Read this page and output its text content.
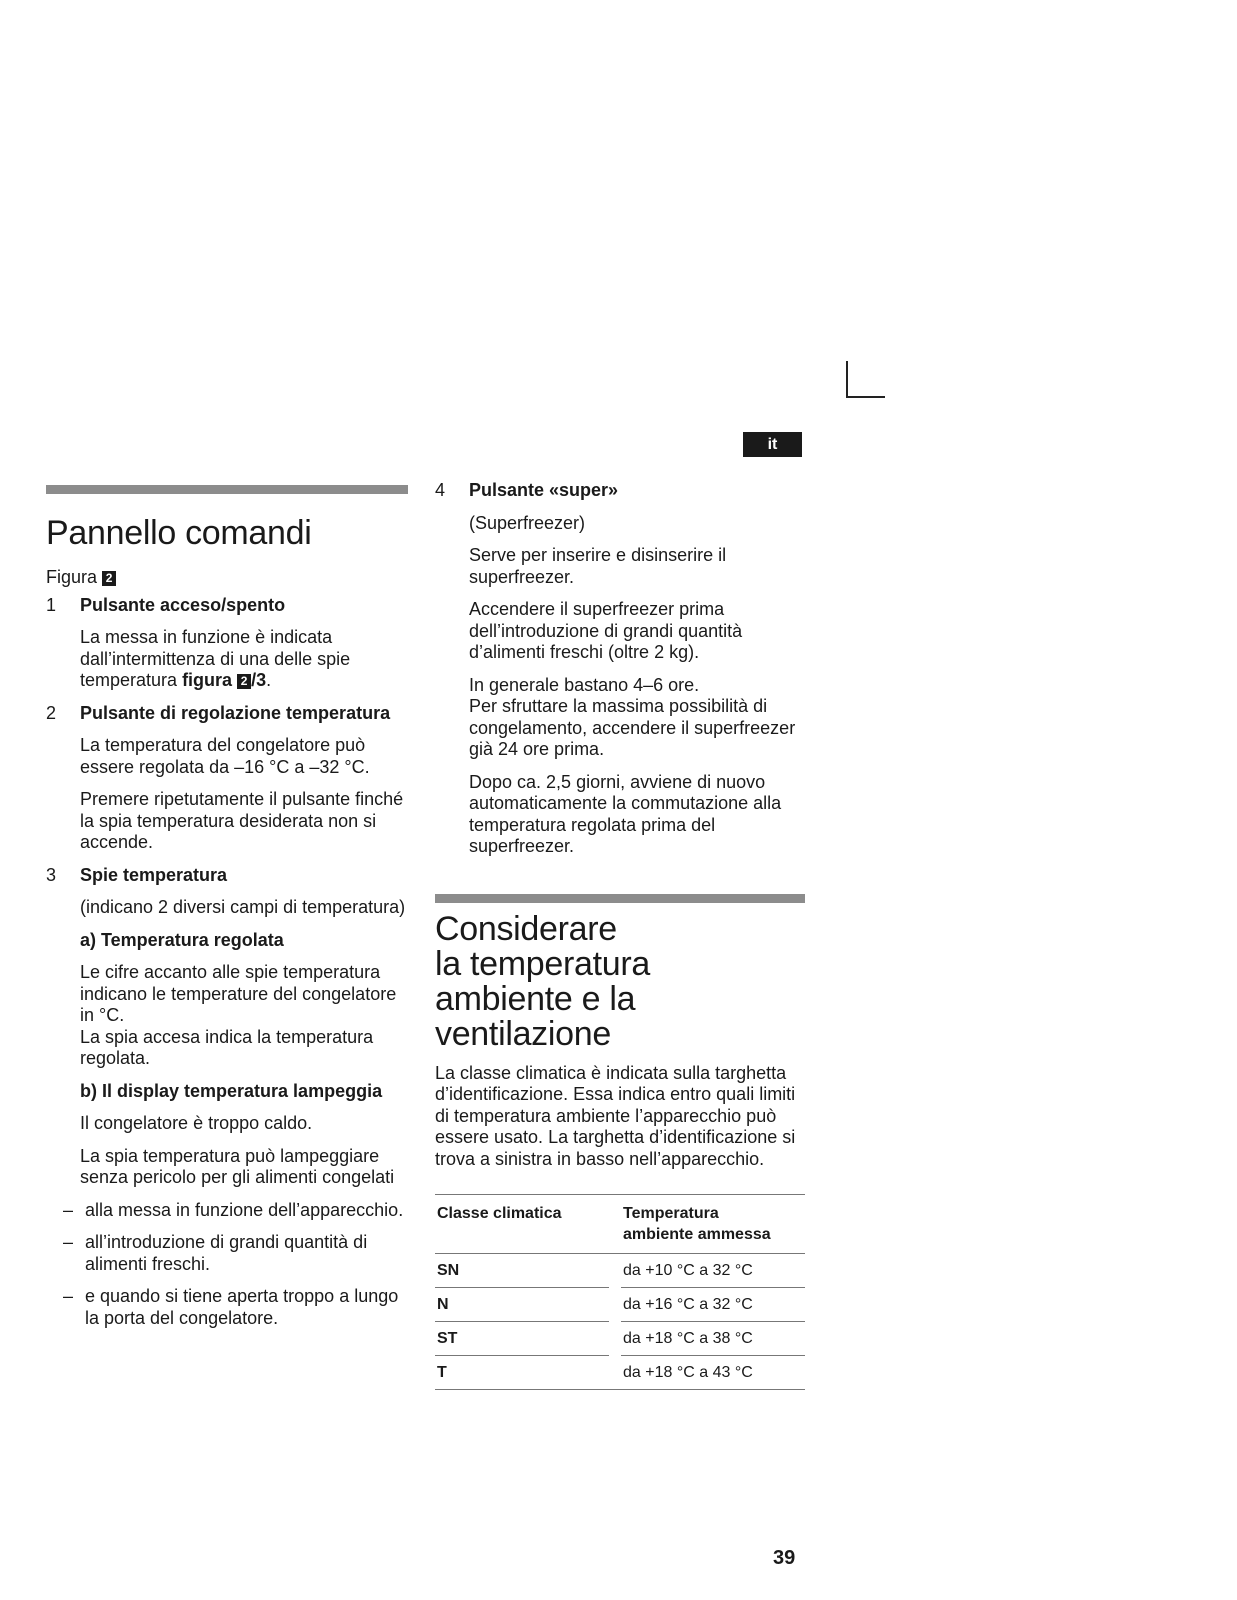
it
Pannello comandi

Figura 2

1	Pulsante acceso/spento

La messa in funzione è indicata dall’intermittenza di una delle spie temperatura figura 2 /3.

2	Pulsante di regolazione temperatura

La temperatura del congelatore può essere regolata da –16 °C a –32 °C.

Premere ripetutamente il pulsante finché la spia temperatura desiderata non si accende.

3	Spie temperatura

(indicano 2 diversi campi di temperatura)

a) Temperatura regolata

Le cifre accanto alle spie temperatura indicano le temperature del congelatore in °C.
La spia accesa indica la temperatura regolata.

b) Il display temperatura lampeggia

Il congelatore è troppo caldo.

La spia temperatura può lampeggiare senza pericolo per gli alimenti congelati

– alla messa in funzione dell’apparecchio.
– all’introduzione di grandi quantità di alimenti freschi.
– e quando si tiene aperta troppo a lungo la porta del congelatore.
4	Pulsante «super»

(Superfreezer)

Serve per inserire e disinserire il superfreezer.

Accendere il superfreezer prima dell’introduzione di grandi quantità d’alimenti freschi (oltre 2 kg).

In generale bastano 4–6 ore.
Per sfruttare la massima possibilità di congelamento, accendere il superfreezer già 24 ore prima.

Dopo ca. 2,5 giorni, avviene di nuovo automaticamente la commutazione alla temperatura regolata prima del superfreezer.

Considerare
la temperatura
ambiente e la
ventilazione

La classe climatica è indicata sulla targhetta d’identificazione. Essa indica entro quali limiti di temperatura ambiente l’apparecchio può essere usato. La targhetta d’identificazione si trova a sinistra in basso nell’apparecchio.

Classe climatica		Temperatura
ambiente ammessa
SN		da +10 °C a 32 °C
N		da +16 °C a 32 °C
ST		da +18 °C a 38 °C
T		da +18 °C a 43 °C
39
